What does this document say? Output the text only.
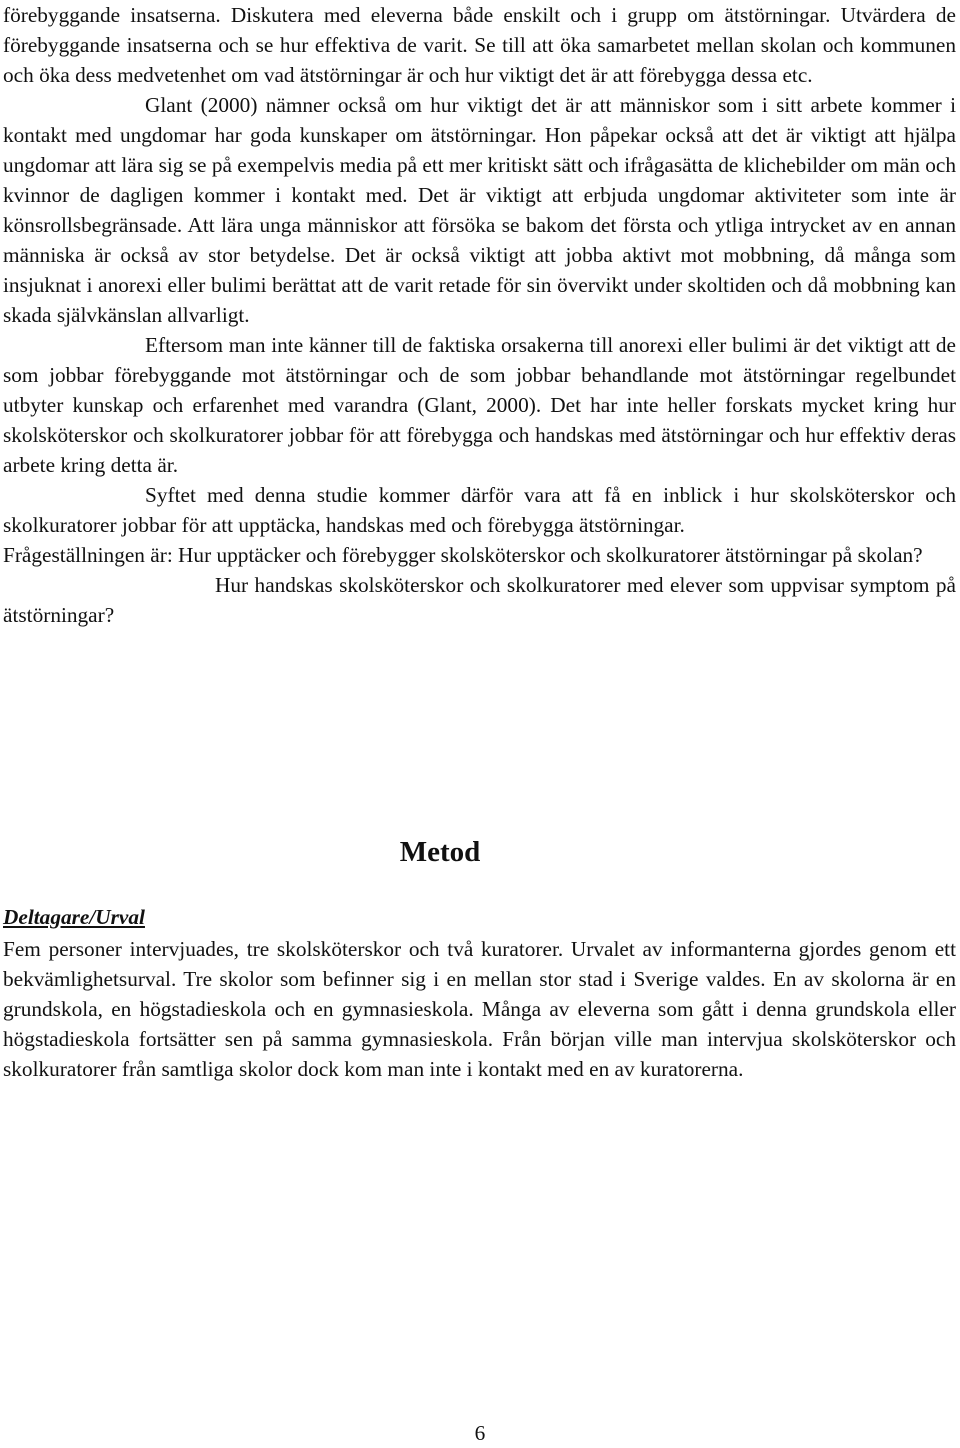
förebyggande insatserna. Diskutera med eleverna både enskilt och i grupp om ätstörningar. Utvärdera de förebyggande insatserna och se hur effektiva de varit. Se till att öka samarbetet mellan skolan och kommunen och öka dess medvetenhet om vad ätstörningar är och hur viktigt det är att förebygga dessa etc.

Glant (2000) nämner också om hur viktigt det är att människor som i sitt arbete kommer i kontakt med ungdomar har goda kunskaper om ätstörningar. Hon påpekar också att det är viktigt att hjälpa ungdomar att lära sig se på exempelvis media på ett mer kritiskt sätt och ifrågasätta de klichebilder om män och kvinnor de dagligen kommer i kontakt med. Det är viktigt att erbjuda ungdomar aktiviteter som inte är könsrollsbegränsade. Att lära unga människor att försöka se bakom det första och ytliga intrycket av en annan människa är också av stor betydelse. Det är också viktigt att jobba aktivt mot mobbning, då många som insjuknat i anorexi eller bulimi berättat att de varit retade för sin övervikt under skoltiden och då mobbning kan skada självkänslan allvarligt.

Eftersom man inte känner till de faktiska orsakerna till anorexi eller bulimi är det viktigt att de som jobbar förebyggande mot ätstörningar och de som jobbar behandlande mot ätstörningar regelbundet utbyter kunskap och erfarenhet med varandra (Glant, 2000). Det har inte heller forskats mycket kring hur skolsköterskor och skolkuratorer jobbar för att förebygga och handskas med ätstörningar och hur effektiv deras arbete kring detta är.

Syftet med denna studie kommer därför vara att få en inblick i hur skolsköterskor och skolkuratorer jobbar för att upptäcka, handskas med och förebygga ätstörningar.

Frågeställningen är: Hur upptäcker och förebygger skolsköterskor och skolkuratorer ätstörningar på skolan?

Hur handskas skolsköterskor och skolkuratorer med elever som uppvisar symptom på ätstörningar?

Metod
Deltagare/Urval

Fem personer intervjuades, tre skolsköterskor och två kuratorer. Urvalet av informanterna gjordes genom ett bekvämlighetsurval. Tre skolor som befinner sig i en mellan stor stad i Sverige valdes. En av skolorna är en grundskola, en högstadieskola och en gymnasieskola. Många av eleverna som gått i denna grundskola eller högstadieskola fortsätter sen på samma gymnasieskola. Från början ville man intervjua skolsköterskor och skolkuratorer från samtliga skolor dock kom man inte i kontakt med en av kuratorerna.

6
